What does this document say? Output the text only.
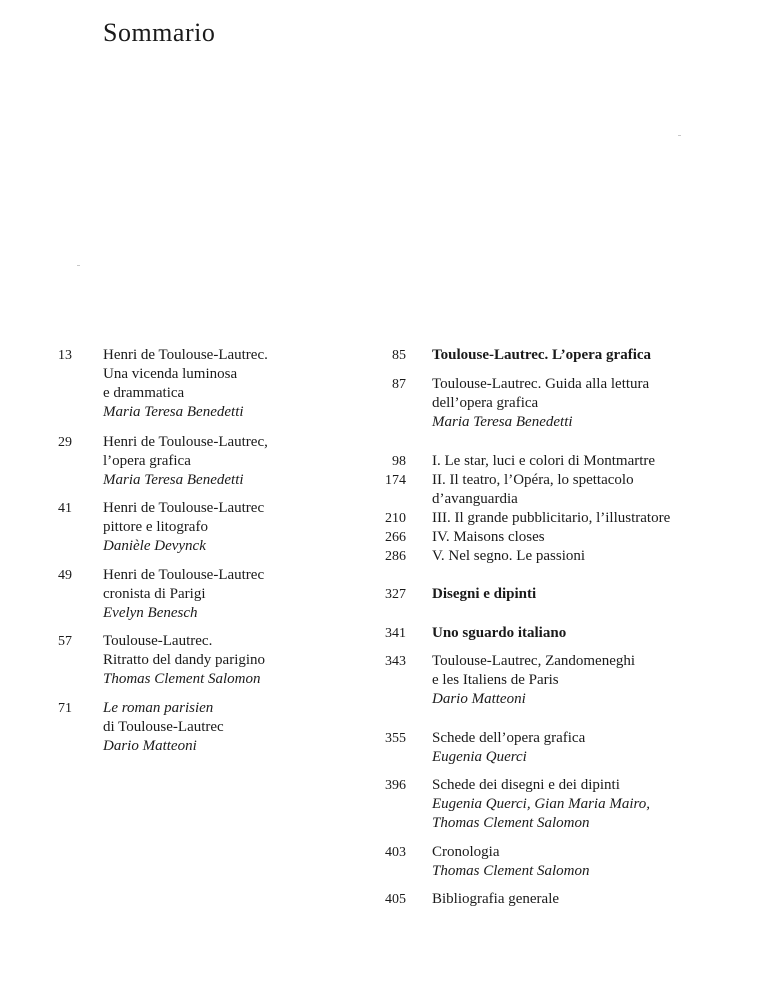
Sommario
13 Henri de Toulouse-Lautrec.
Una vicenda luminosa
e drammatica
Maria Teresa Benedetti
29 Henri de Toulouse-Lautrec,
l’opera grafica
Maria Teresa Benedetti
41 Henri de Toulouse-Lautrec
pittore e litografo
Danièle Devynck
49 Henri de Toulouse-Lautrec
cronista di Parigi
Evelyn Benesch
57 Toulouse-Lautrec.
Ritratto del dandy parigino
Thomas Clement Salomon
71 Le roman parisien
di Toulouse-Lautrec
Dario Matteoni
85 Toulouse-Lautrec. L’opera grafica
87 Toulouse-Lautrec. Guida alla lettura
dell’opera grafica
Maria Teresa Benedetti
98 I. Le star, luci e colori di Montmartre
174 II. Il teatro, l’Opéra, lo spettacolo
d’avanguardia
210 III. Il grande pubblicitario, l’illustratore
266 IV. Maisons closes
286 V. Nel segno. Le passioni
327 Disegni e dipinti
341 Uno sguardo italiano
343 Toulouse-Lautrec, Zandomeneghi
e les Italiens de Paris
Dario Matteoni
355 Schede dell’opera grafica
Eugenia Querci
396 Schede dei disegni e dei dipinti
Eugenia Querci, Gian Maria Mairo,
Thomas Clement Salomon
403 Cronologia
Thomas Clement Salomon
405 Bibliografia generale
